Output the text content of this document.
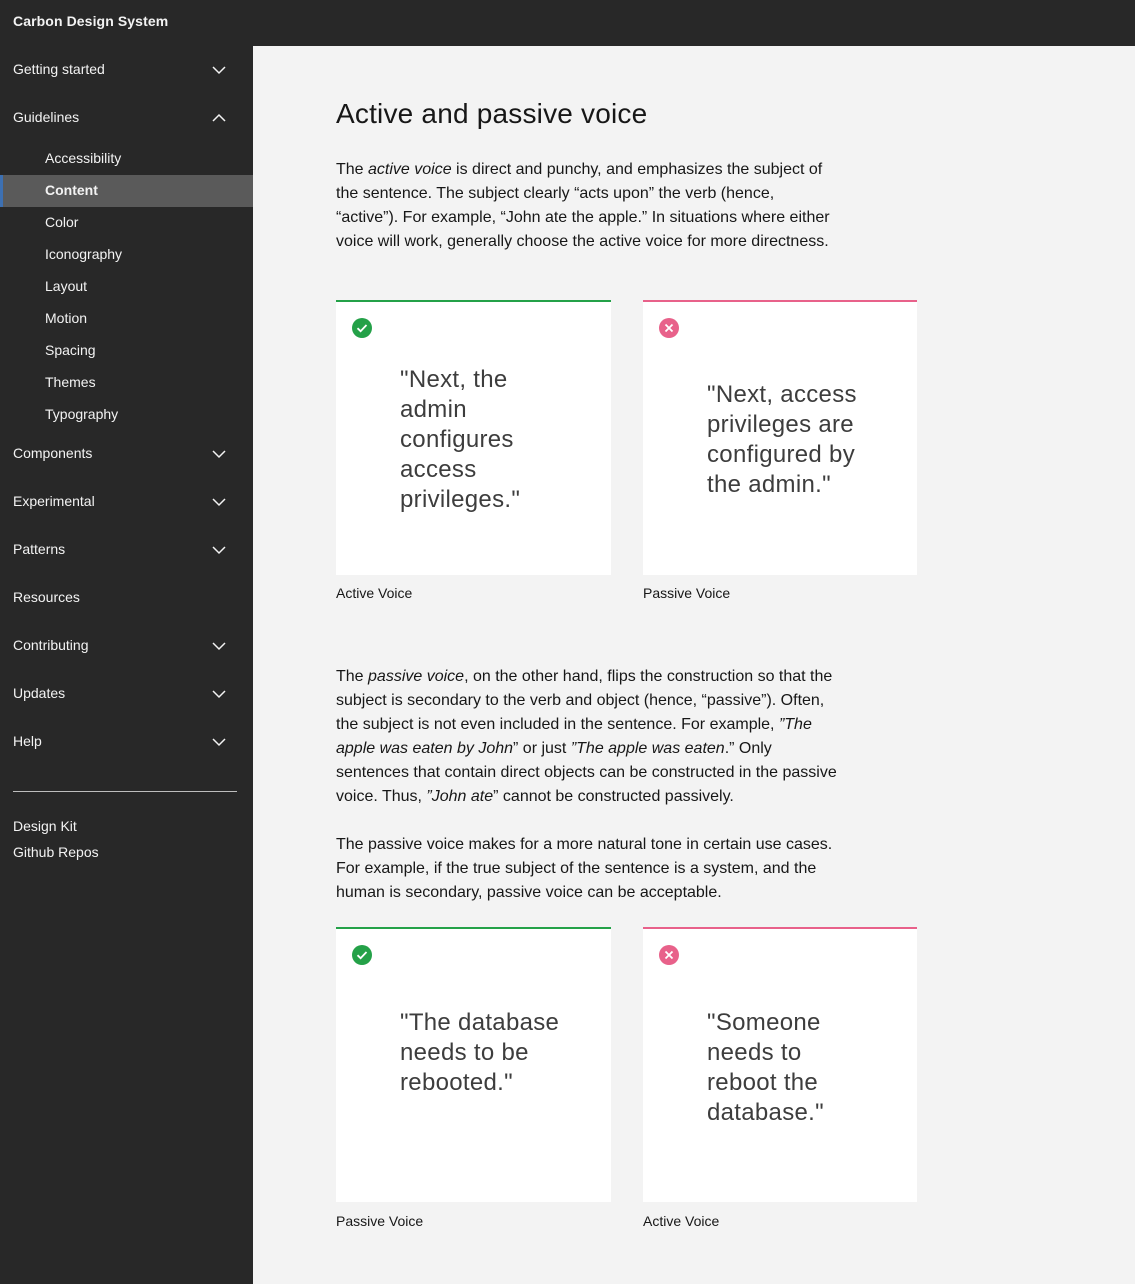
Carbon Design System
Getting started
Guidelines
Accessibility
Content
Color
Iconography
Layout
Motion
Spacing
Themes
Typography
Components
Experimental
Patterns
Resources
Contributing
Updates
Help
Design Kit
Github Repos
Active and passive voice

The active voice is direct and punchy, and emphasizes the subject of the sentence. The subject clearly “acts upon” the verb (hence, “active”). For example, “John ate the apple.” In situations where either voice will work, generally choose the active voice for more directness.

"Next, the admin configures access privileges."

Active Voice

"Next, access privileges are configured by the admin."

Passive Voice

The passive voice, on the other hand, flips the construction so that the subject is secondary to the verb and object (hence, “passive”). Often, the subject is not even included in the sentence. For example, ”The apple was eaten by John” or just ”The apple was eaten.” Only sentences that contain direct objects can be constructed in the passive voice. Thus, ”John ate” cannot be constructed passively.

The passive voice makes for a more natural tone in certain use cases. For example, if the true subject of the sentence is a system, and the human is secondary, passive voice can be acceptable.

"The database needs to be rebooted."

Passive Voice

"Someone needs to reboot the database."

Active Voice
